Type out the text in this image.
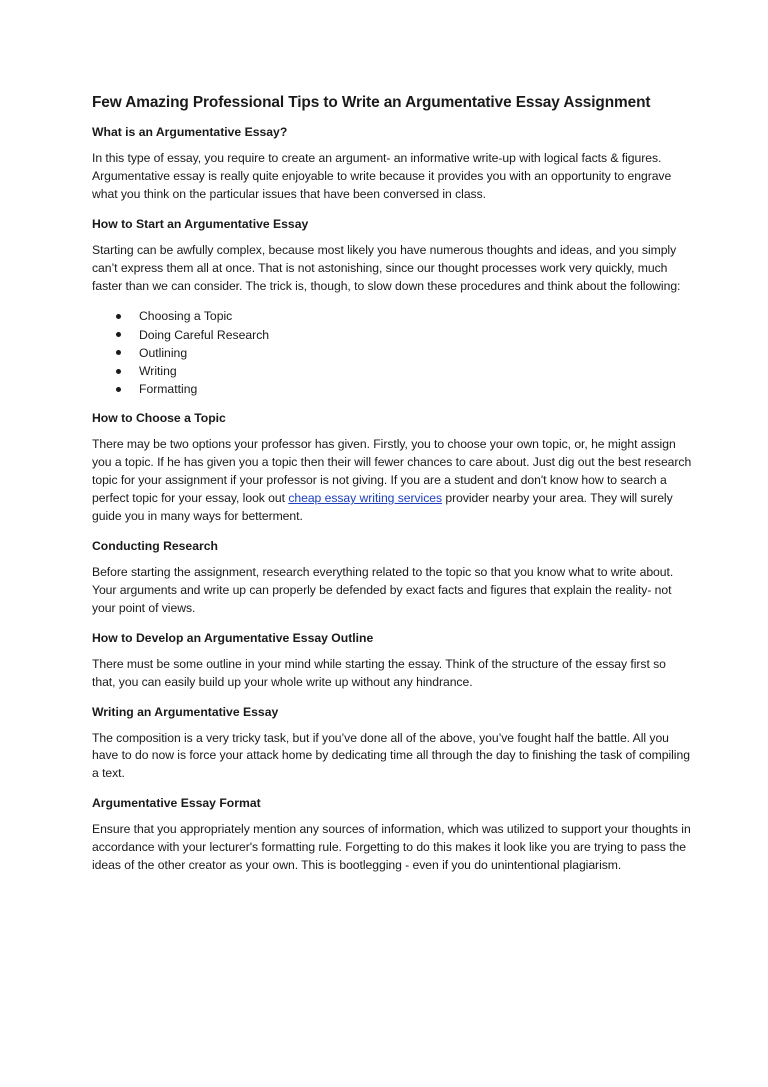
Few Amazing Professional Tips to Write an Argumentative Essay Assignment
What is an Argumentative Essay?

In this type of essay, you require to create an argument- an informative write-up with logical facts & figures. Argumentative essay is really quite enjoyable to write because it provides you with an opportunity to engrave what you think on the particular issues that have been conversed in class.

How to Start an Argumentative Essay

Starting can be awfully complex, because most likely you have numerous thoughts and ideas, and you simply can’t express them all at once. That is not astonishing, since our thought processes work very quickly, much faster than we can consider. The trick is, though, to slow down these procedures and think about the following:

Choosing a Topic
Doing Careful Research
Outlining
Writing
Formatting
How to Choose a Topic

There may be two options your professor has given. Firstly, you to choose your own topic, or, he might assign you a topic. If he has given you a topic then their will fewer chances to care about. Just dig out the best research topic for your assignment if your professor is not giving. If you are a student and don't know how to search a perfect topic for your essay, look out cheap essay writing services provider nearby your area. They will surely guide you in many ways for betterment.

Conducting Research

Before starting the assignment, research everything related to the topic so that you know what to write about. Your arguments and write up can properly be defended by exact facts and figures that explain the reality- not your point of views.

How to Develop an Argumentative Essay Outline

There must be some outline in your mind while starting the essay. Think of the structure of the essay first so that, you can easily build up your whole write up without any hindrance.

Writing an Argumentative Essay

The composition is a very tricky task, but if you’ve done all of the above, you’ve fought half the battle. All you have to do now is force your attack home by dedicating time all through the day to finishing the task of compiling a text.

Argumentative Essay Format

Ensure that you appropriately mention any sources of information, which was utilized to support your thoughts in accordance with your lecturer's formatting rule. Forgetting to do this makes it look like you are trying to pass the ideas of the other creator as your own. This is bootlegging - even if you do unintentional plagiarism.
